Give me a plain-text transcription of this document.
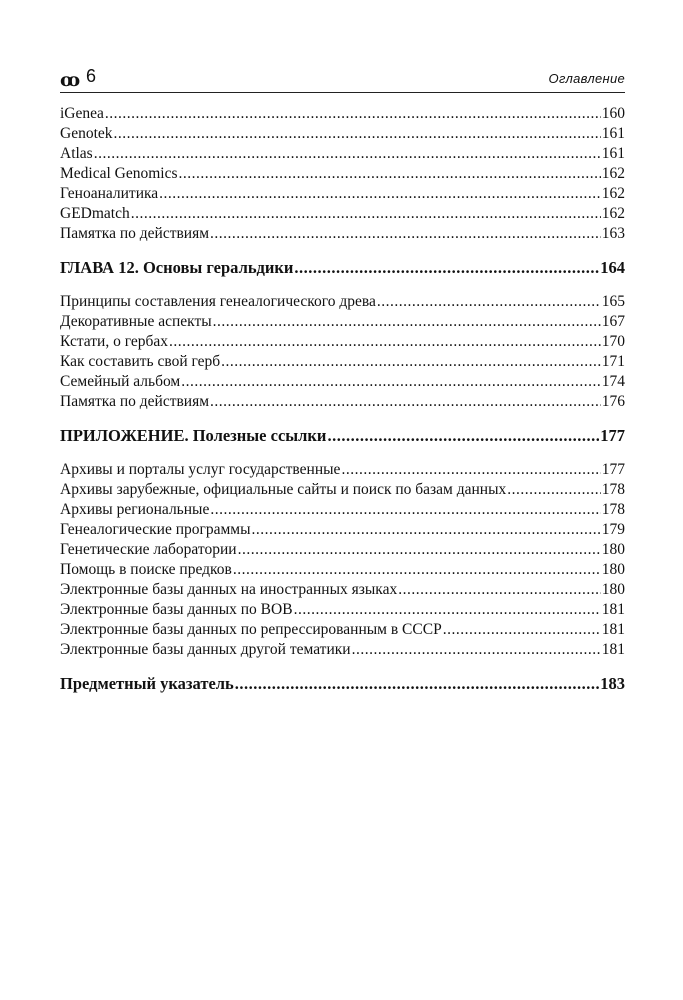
ꝏ 6	Оглавление
iGenea .....	160
Genotek .....	161
Atlas .....	161
Medical Genomics .....	162
Геноаналитика .....	162
GEDmatch .....	162
Памятка по действиям .....	163
ГЛАВА 12. Основы геральдики .....	164
Принципы составления генеалогического древа .....	165
Декоративные аспекты .....	167
Кстати, о гербах .....	170
Как составить свой герб .....	171
Семейный альбом .....	174
Памятка по действиям .....	176
ПРИЛОЖЕНИЕ. Полезные ссылки .....	177
Архивы и порталы услуг государственные .....	177
Архивы зарубежные, официальные сайты и поиск по базам данных .....	178
Архивы региональные .....	178
Генеалогические программы .....	179
Генетические лаборатории .....	180
Помощь в поиске предков .....	180
Электронные базы данных на иностранных языках .....	180
Электронные базы данных по ВОВ .....	181
Электронные базы данных по репрессированным в СССР .....	181
Электронные базы данных другой тематики .....	181
Предметный указатель .....	183
